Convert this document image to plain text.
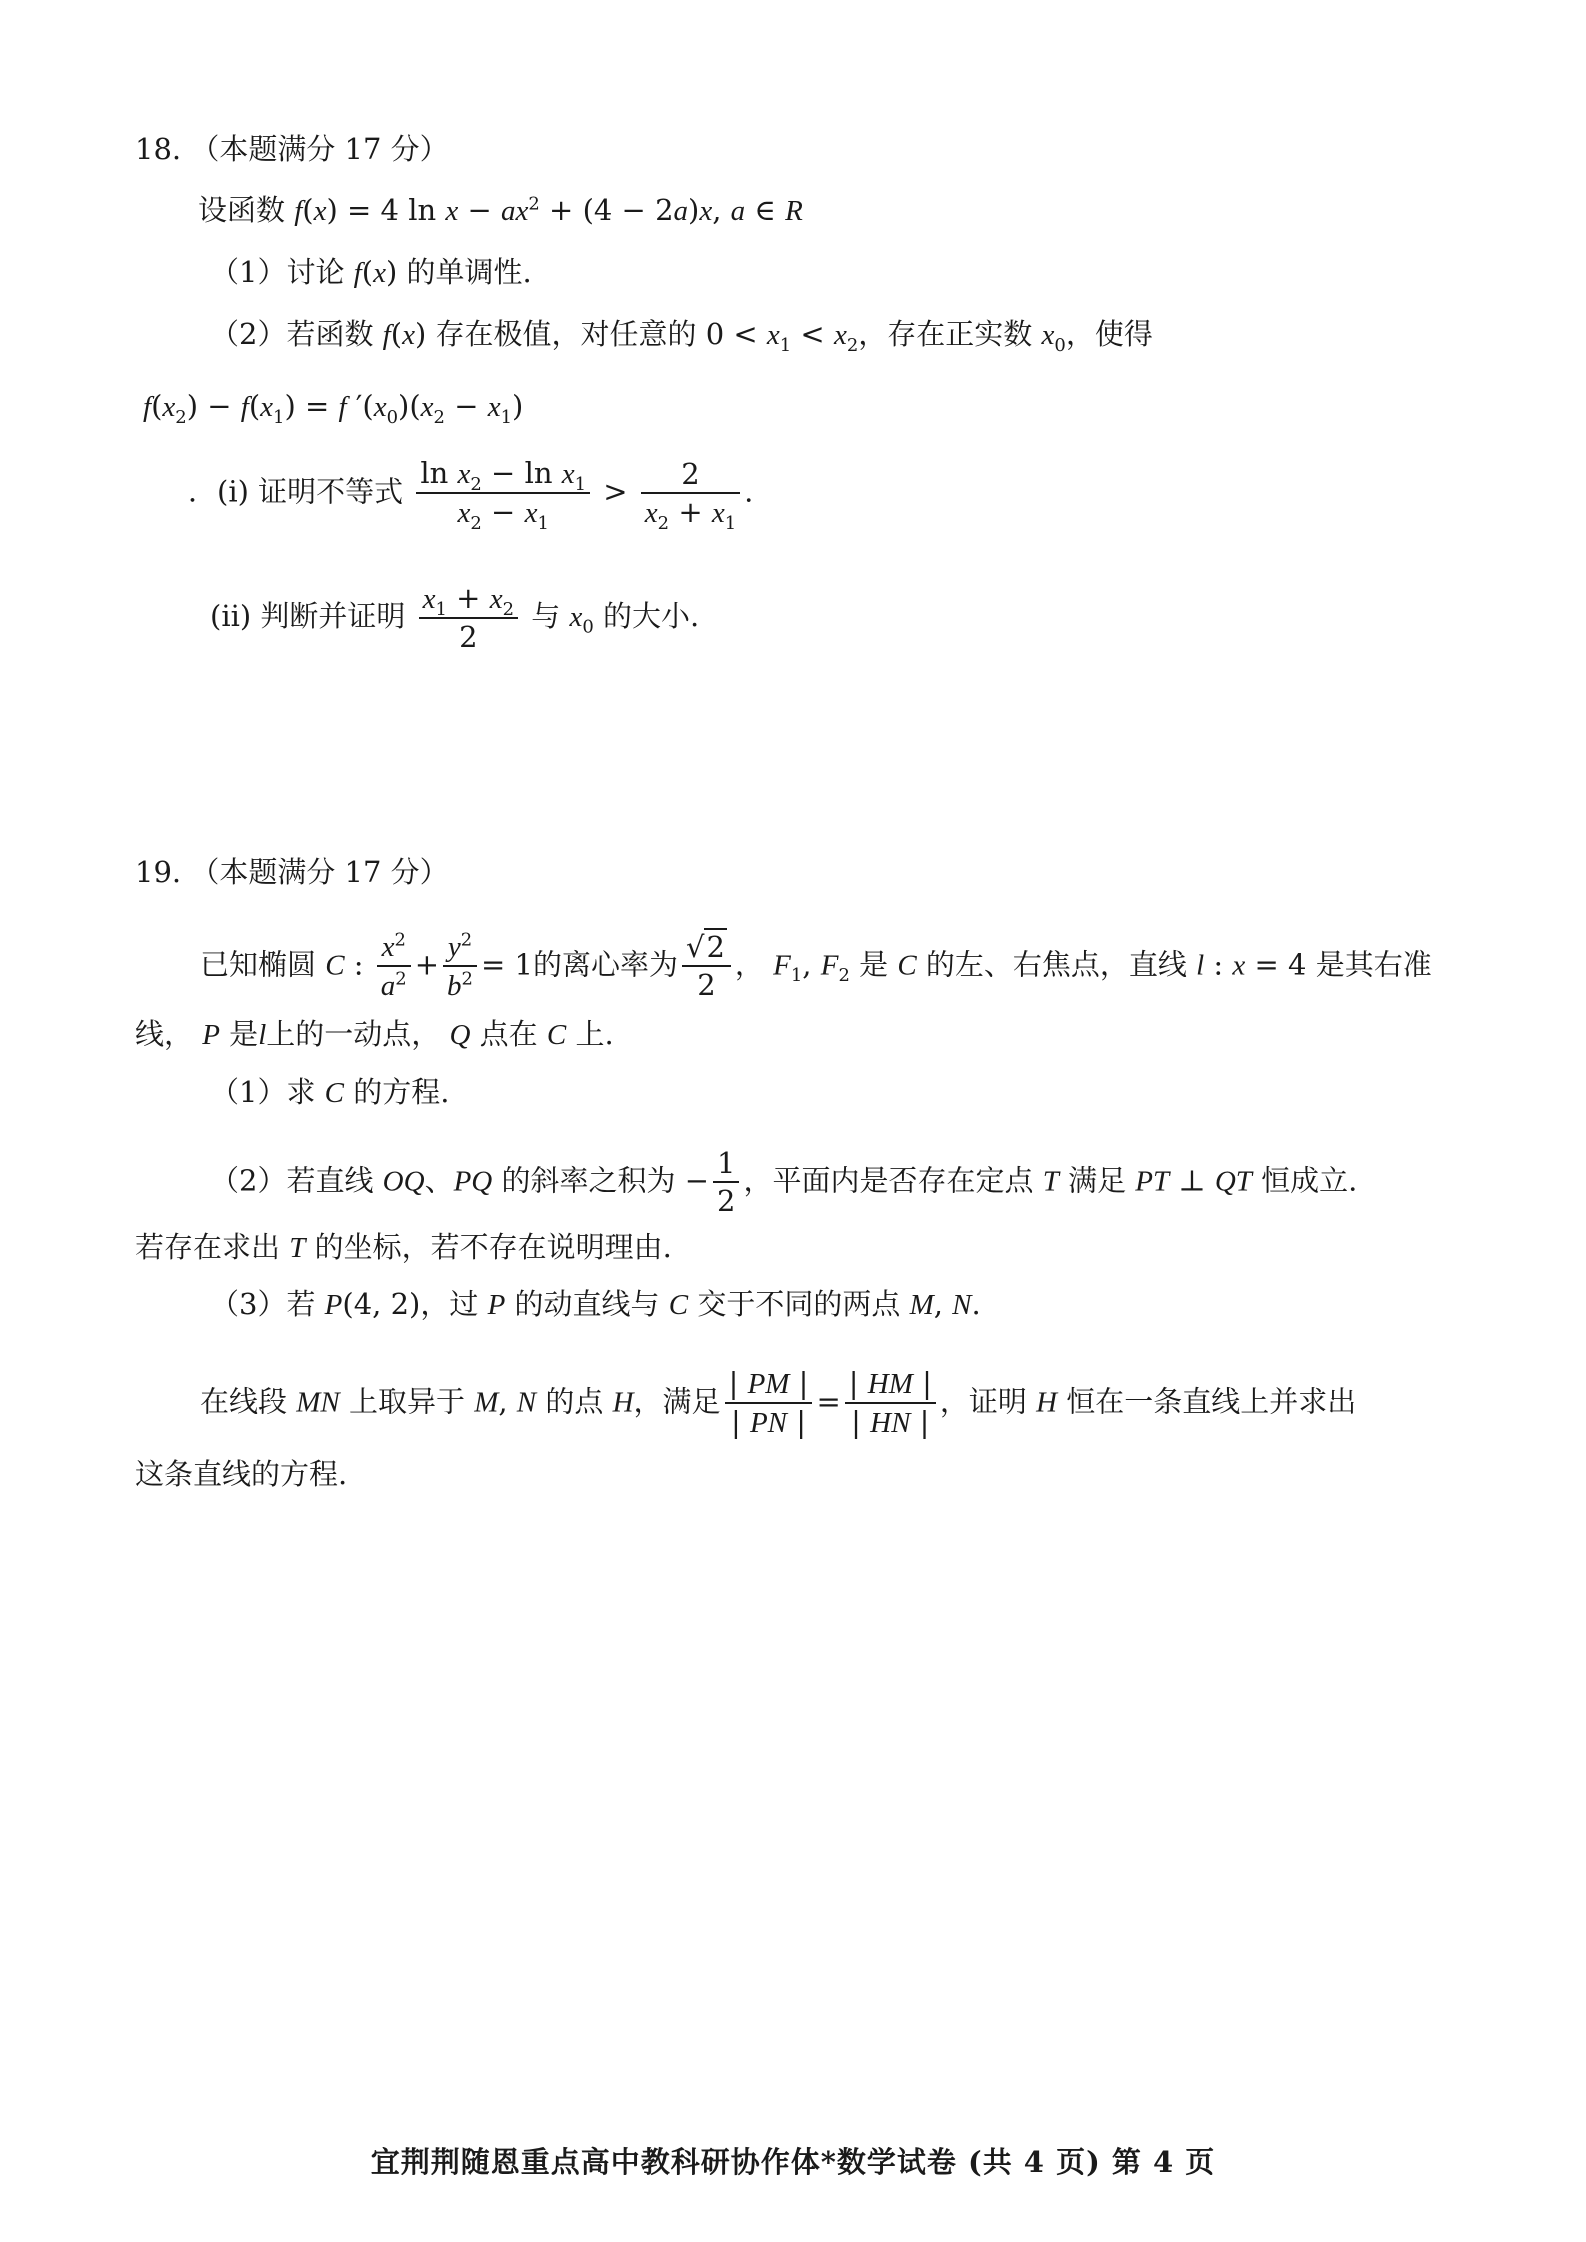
18. （本题满分 17 分）
设函数 f(x) = 4 $\ln x - ax^2 + (4 - 2a)x$, a ∈ R
（1）讨论 f(x) 的单调性.
（2）若函数 f(x) 存在极值，对任意的 $0 < x_1 < x_2$，存在正实数 $x_0$，使得
$f(x_2) - f(x_1) = f$ $'(x_0)(x_2 - x_1)$
．(i) 证明不等式 $\frac{\ln x_2 - \ln x_1}{x_2 - x_1} > \frac{2}{x_2 + x_1}$ .
(ii) 判断并证明 $\frac{x_1 + x_2}{2}$ 与 $x_0$ 的大小.
19. （本题满分 17 分）
已知椭圆 C : $\frac{x^2}{a^2} + \frac{y^2}{b^2} = 1$的离心率为 $\frac{√2}{2}$ ， $F_1$, $F_2$ 是 C 的左、右焦点，直线 l : x = 4 是其右准
线， P 是l上的一动点， Q 点在 C 上.
（1）求 C 的方程.
（2）若直线 OQ、PQ 的斜率之积为 − $\frac{1}{2}$ ，平面内是否存在定点 T 满足 PT ⊥ QT 恒成立.
若存在求出 T 的坐标，若不存在说明理由.
（3）若 P(4, 2)，过 P 的动直线与 C 交于不同的两点 M, N.
在线段 MN 上取异于 M, N 的点 H，满足 $\frac{| PM |}{| PN |} = \frac{| HM |}{| HN |}$ ，证明 H 恒在一条直线上并求出
这条直线的方程.
宜荆荆随恩重点高中教科研协作体*数学试卷 (共 4 页) 第 4 页
